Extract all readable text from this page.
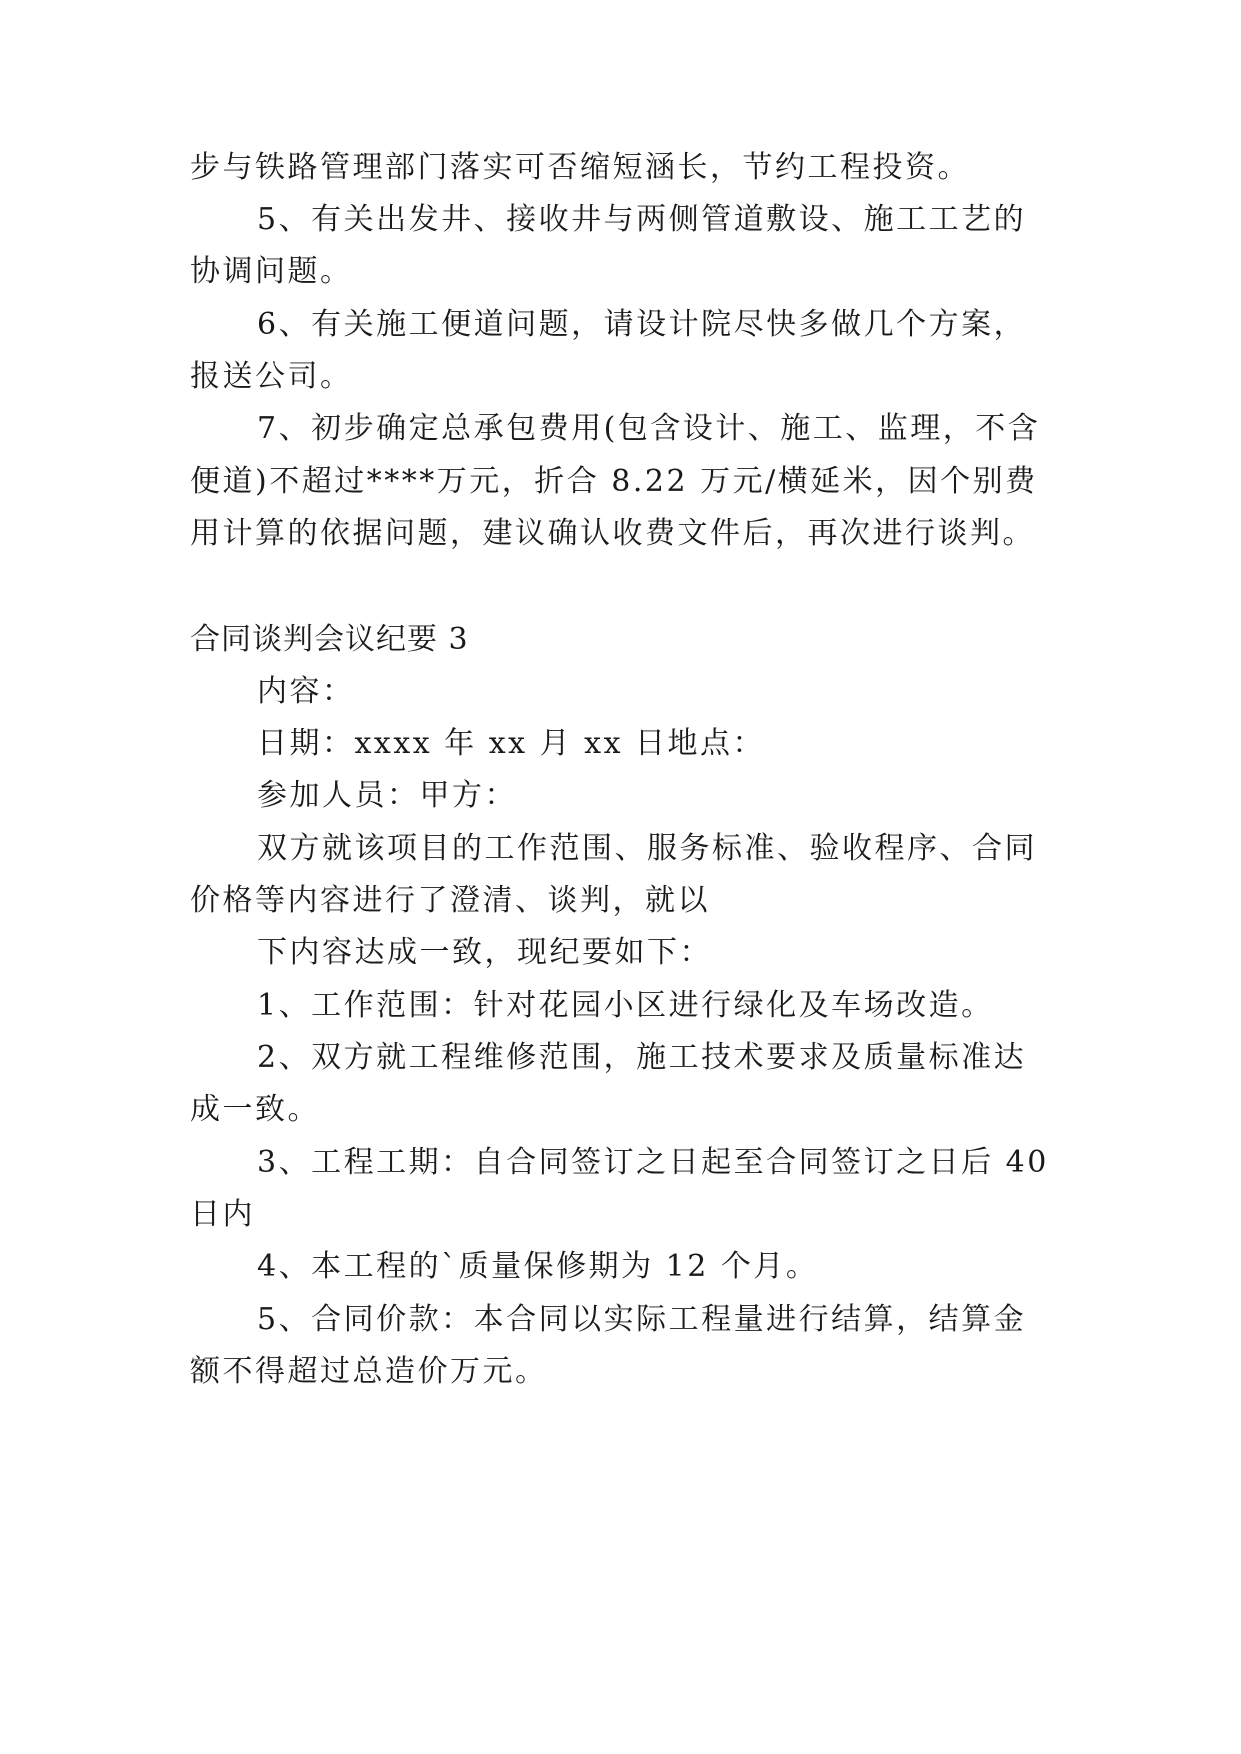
步与铁路管理部门落实可否缩短涵长，节约工程投资。
5、有关出发井、接收井与两侧管道敷设、施工工艺的
协调问题。
6、有关施工便道问题，请设计院尽快多做几个方案，
报送公司。
7、初步确定总承包费用(包含设计、施工、监理，不含
便道)不超过****万元，折合 8.22 万元/横延米，因个别费
用计算的依据问题，建议确认收费文件后，再次进行谈判。
合同谈判会议纪要 3
内容：
日期：xxxx 年 xx 月 xx 日地点：
参加人员：甲方：
双方就该项目的工作范围、服务标准、验收程序、合同
价格等内容进行了澄清、谈判，就以
下内容达成一致，现纪要如下：
1、工作范围：针对花园小区进行绿化及车场改造。
2、双方就工程维修范围，施工技术要求及质量标准达
成一致。
3、工程工期：自合同签订之日起至合同签订之日后 40
日内
4、本工程的`质量保修期为 12 个月。
5、合同价款：本合同以实际工程量进行结算，结算金
额不得超过总造价万元。
